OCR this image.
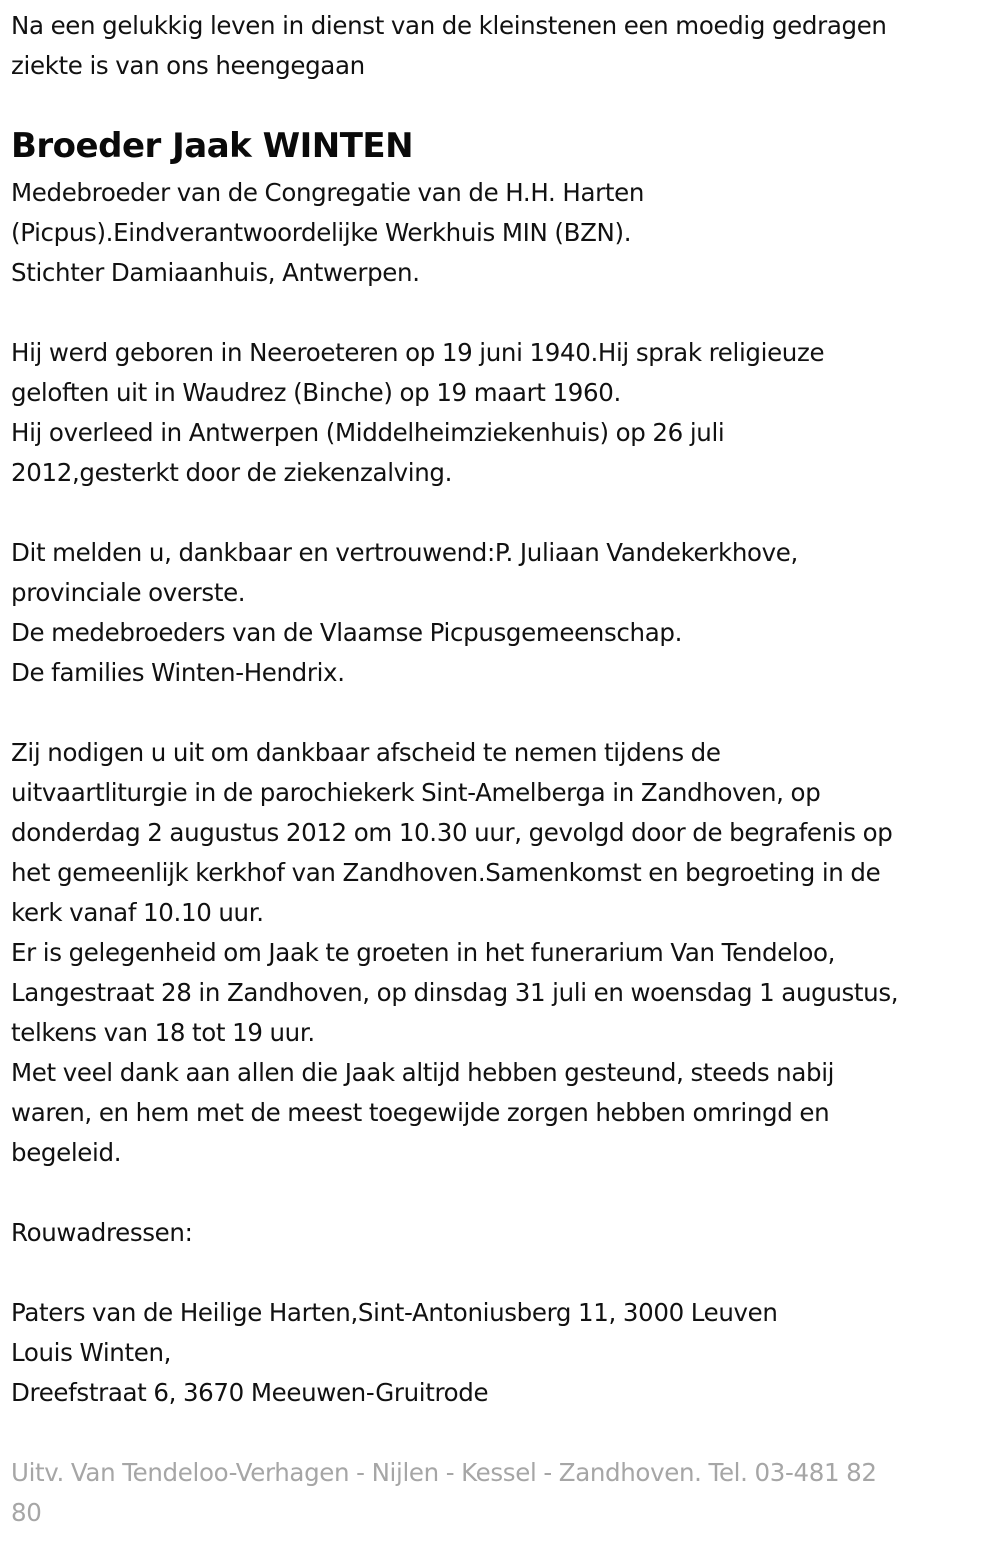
Na een gelukkig leven in dienst van de kleinstenen een moedig gedragen
ziekte is van ons heengegaan
Broeder Jaak WINTEN
Medebroeder van de Congregatie van de H.H. Harten
(Picpus).Eindverantwoordelijke Werkhuis MIN (BZN).
Stichter Damiaanhuis, Antwerpen.
Hij werd geboren in Neeroeteren op 19 juni 1940.Hij sprak religieuze
geloften uit in Waudrez (Binche) op 19 maart 1960.
Hij overleed in Antwerpen (Middelheimziekenhuis) op 26 juli
2012,gesterkt door de ziekenzalving.
Dit melden u, dankbaar en vertrouwend:P. Juliaan Vandekerkhove,
provinciale overste.
De medebroeders van de Vlaamse Picpusgemeenschap.
De families Winten-Hendrix.
Zij nodigen u uit om dankbaar afscheid te nemen tijdens de
uitvaartliturgie in de parochiekerk Sint-Amelberga in Zandhoven, op
donderdag 2 augustus 2012 om 10.30 uur, gevolgd door de begrafenis op
het gemeenlijk kerkhof van Zandhoven.Samenkomst en begroeting in de
kerk vanaf 10.10 uur.
Er is gelegenheid om Jaak te groeten in het funerarium Van Tendeloo,
Langestraat 28 in Zandhoven, op dinsdag 31 juli en woensdag 1 augustus,
telkens van 18 tot 19 uur.
Met veel dank aan allen die Jaak altijd hebben gesteund, steeds nabij
waren, en hem met de meest toegewijde zorgen hebben omringd en
begeleid.
Rouwadressen:
Paters van de Heilige Harten,Sint-Antoniusberg 11, 3000 Leuven
Louis Winten,
Dreefstraat 6, 3670 Meeuwen-Gruitrode
Uitv. Van Tendeloo-Verhagen - Nijlen - Kessel - Zandhoven. Tel. 03-481 82
80
